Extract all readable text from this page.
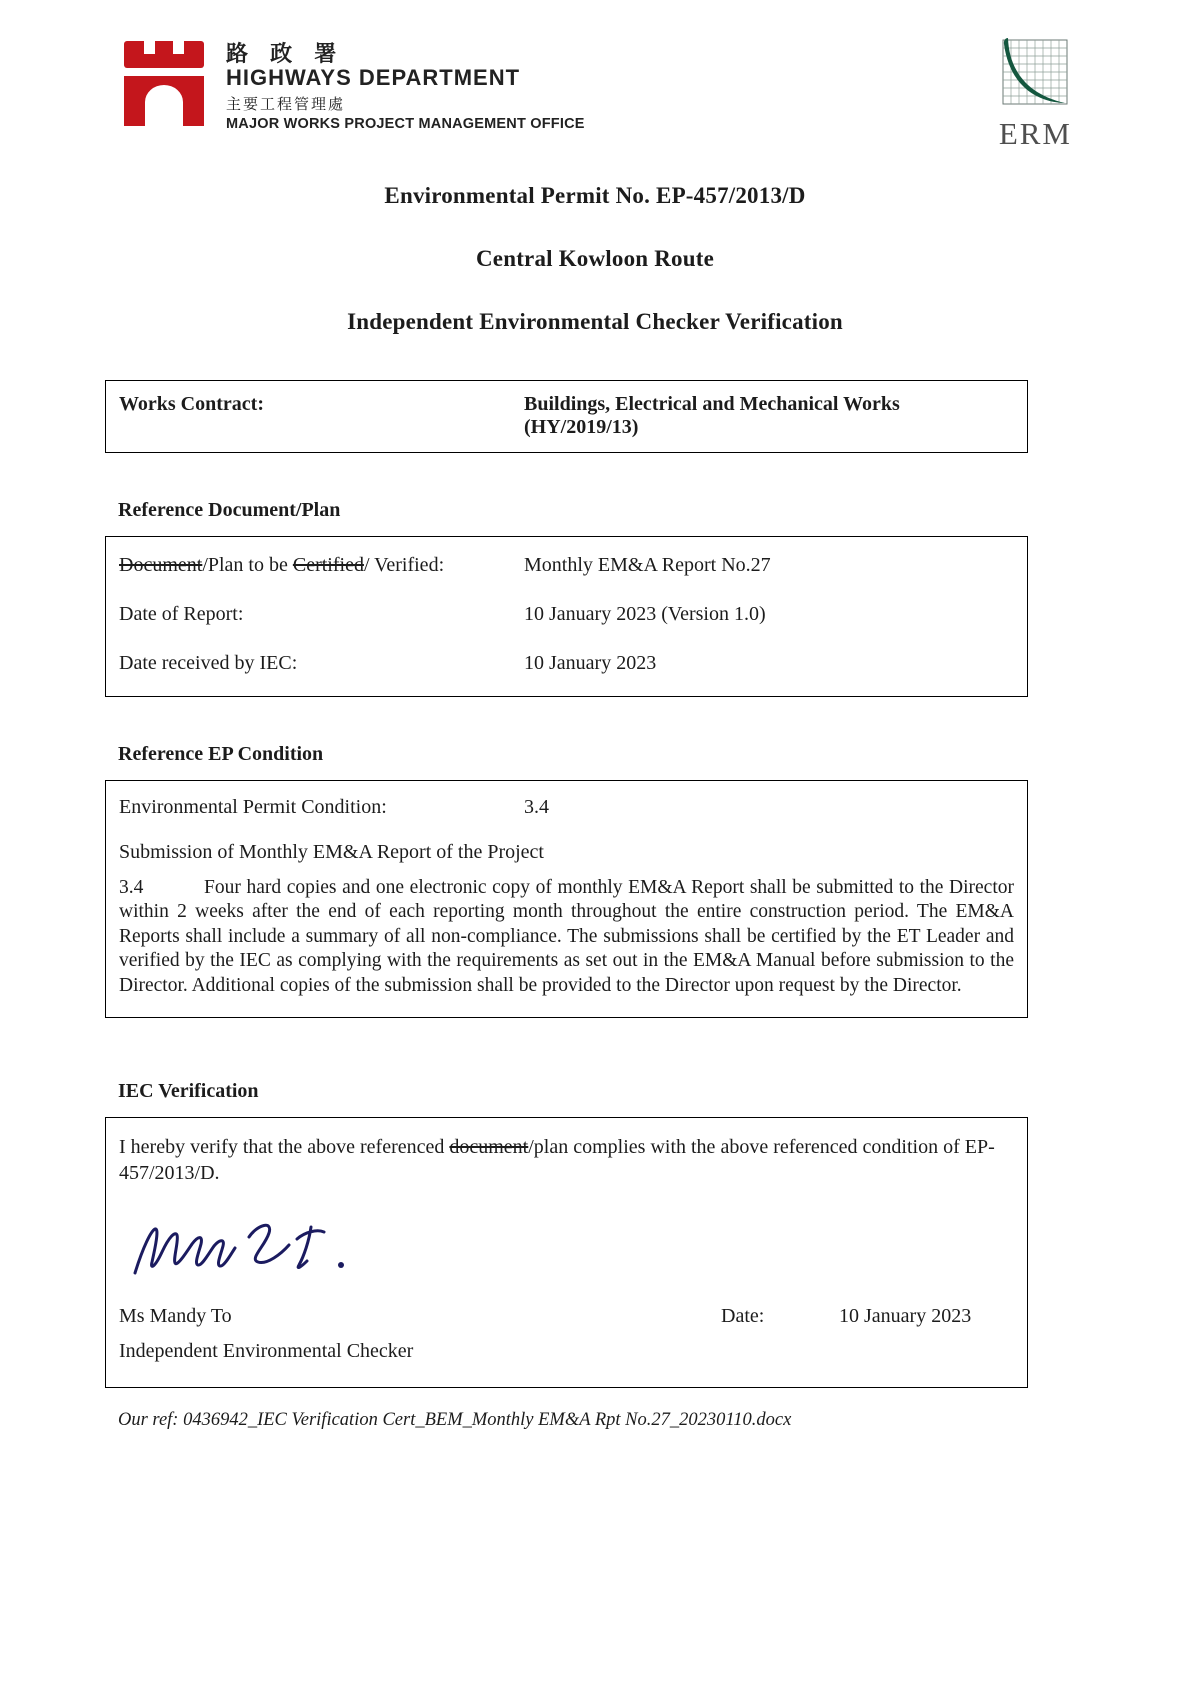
路 政 署
HIGHWAYS DEPARTMENT
主要工程管理處
MAJOR WORKS PROJECT MANAGEMENT OFFICE	ERM
Environmental Permit No. EP-457/2013/D
Central Kowloon Route
Independent Environmental Checker Verification
Works Contract:	Buildings, Electrical and Mechanical Works (HY/2019/13)
Reference Document/Plan
Document/Plan to be Certified/ Verified:	Monthly EM&A Report No.27
Date of Report:	10 January 2023 (Version 1.0)
Date received by IEC:	10 January 2023
Reference EP Condition
Environmental Permit Condition:	3.4
Submission of Monthly EM&A Report of the Project
3.4	Four hard copies and one electronic copy of monthly EM&A Report shall be submitted to the Director within 2 weeks after the end of each reporting month throughout the entire construction period. The EM&A Reports shall include a summary of all non-compliance. The submissions shall be certified by the ET Leader and verified by the IEC as complying with the requirements as set out in the EM&A Manual before submission to the Director. Additional copies of the submission shall be provided to the Director upon request by the Director.
IEC Verification
I hereby verify that the above referenced document/plan complies with the above referenced condition of EP-457/2013/D.
Ms Mandy To	Date:	10 January 2023
Independent Environmental Checker
Our ref: 0436942_IEC Verification Cert_BEM_Monthly EM&A Rpt No.27_20230110.docx
